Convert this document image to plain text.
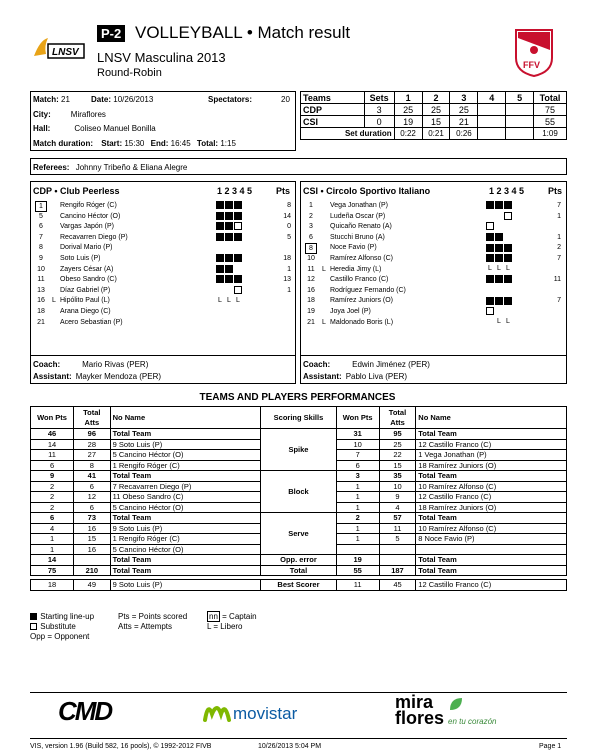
LNSV
P-2 VOLLEYBALL • Match result
LNSV Masculina 2013
Round-Robin
FFV
Match: 21	Date: 10/26/2013	Spectators:	20
City:	Miraflores
Hall:	Coliseo Manuel Bonilla
Match duration: Start: 15:30 End: 16:45 Total: 1:15
Teams	Sets	1	2	3	4	5	Total
CDP	3	25	25	25			75
CSI	0	19	15	21			55
Set duration		0:22	0:21	0:26			1:09
Referees: Johnny Tribeño & Eliana Alegre
CDP • Club Peerless	1 2 3 4 5	Pts
1	Rengifo Róger (C)	8
5	Cancino Héctor (O)	14
6	Vargas Japón (P)	0
7	Recavarren Diego (P)	5
8	Dorival Mario (P)
9	Soto Luis (P)	18
10	Zayers César (A)	1
11	Obeso Sandro (C)	13
13	Díaz Gabriel (P)	1
16	L Hipólito Paul (L)	L L L
18	Arana Diego (C)
21	Acero Sebastian (P)
Coach:	Mario Rivas (PER)
Assistant: Mayker Mendoza (PER)
CSI • Circolo Sportivo Italiano	1 2 3 4 5	Pts
1	Vega Jonathan (P)	7
2	Ludeña Oscar (P)	1
3	Quicaño Renato (A)
6	Stucchi Bruno (A)	1
8	Noce Favio (P)	2
10	Ramírez Alfonso (C)	7
11	L Heredia Jimy (L)	L L L
12	Castillo Franco (C)	11
16	Rodríguez Fernando (C)
18	Ramírez Juniors (O)	7
19	Joya Joel (P)
21	L Maldonado Boris (L)	L L
Coach:	Edwin Jiménez (PER)
Assistant: Pablo Liva (PER)
TEAMS AND PLAYERS PERFORMANCES
Won Pts	Total Atts	No Name	Scoring Skills	Won Pts	Total Atts	No Name
46	96	Total Team	Spike	31	95	Total Team
14	28	9 Soto Luis (P)		10	25	12 Castillo Franco (C)
11	27	5 Cancino Héctor (O)		7	22	1 Vega Jonathan (P)
6	8	1 Rengifo Róger (C)		6	15	18 Ramírez Juniors (O)
9	41	Total Team	Block	3	35	Total Team
2	6	7 Recavarren Diego (P)		1	10	10 Ramírez Alfonso (C)
2	12	11 Obeso Sandro (C)		1	9	12 Castillo Franco (C)
2	6	5 Cancino Héctor (O)		1	4	18 Ramírez Juniors (O)
6	73	Total Team	Serve	2	57	Total Team
4	16	9 Soto Luis (P)		1	11	10 Ramírez Alfonso (C)
1	15	1 Rengifo Róger (C)		1	5	8 Noce Favio (P)
1	16	5 Cancino Héctor (O)				
14		Total Team	Opp. error	19		Total Team
75	210	Total Team	Total	55	187	Total Team

18	49	9 Soto Luis (P)	Best Scorer	11	45	12 Castillo Franco (C)
Starting line-up
Substitute
Opp = Opponent
Pts = Points scored
Atts = Attempts
nn = Captain
L = Libero
CMD	movistar
mira
flores en tu corazón
VIS, version 1.96 (Build 582, 16 pools), © 1992-2012 FIVB	10/26/2013 5:04 PM	Page 1
